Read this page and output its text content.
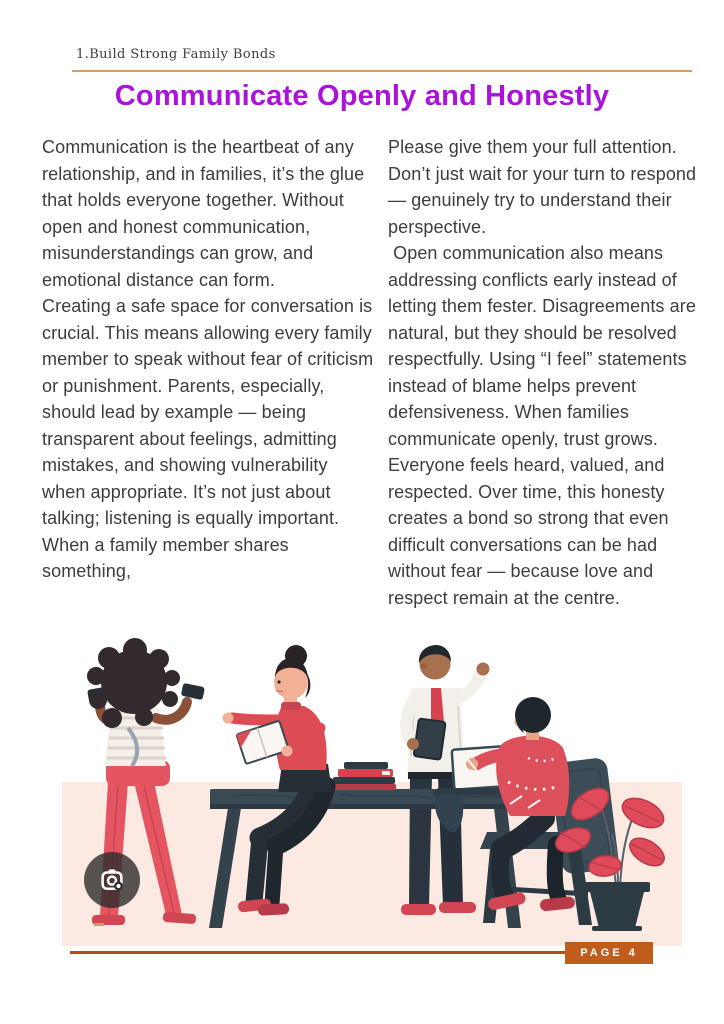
1.Build Strong Family Bonds
Communicate Openly and Honestly

Communication is the heartbeat of any relationship, and in families, it’s the glue that holds everyone together. Without open and honest communication, misunderstandings can grow, and emotional distance can form.

Creating a safe space for conversation is crucial. This means allowing every family member to speak without fear of criticism or punishment. Parents, especially, should lead by example — being transparent about feelings, admitting mistakes, and showing vulnerability when appropriate. It’s not just about talking; listening is equally important. When a family member shares something,

Please give them your full attention. Don’t just wait for your turn to respond — genuinely try to understand their perspective.

Open communication also means addressing conflicts early instead of letting them fester. Disagreements are natural, but they should be resolved respectfully. Using “I feel” statements instead of blame helps prevent defensiveness. When families communicate openly, trust grows. Everyone feels heard, valued, and respected. Over time, this honesty creates a bond so strong that even difficult conversations can be had without fear — because love and respect remain at the centre.

PAGE 4
